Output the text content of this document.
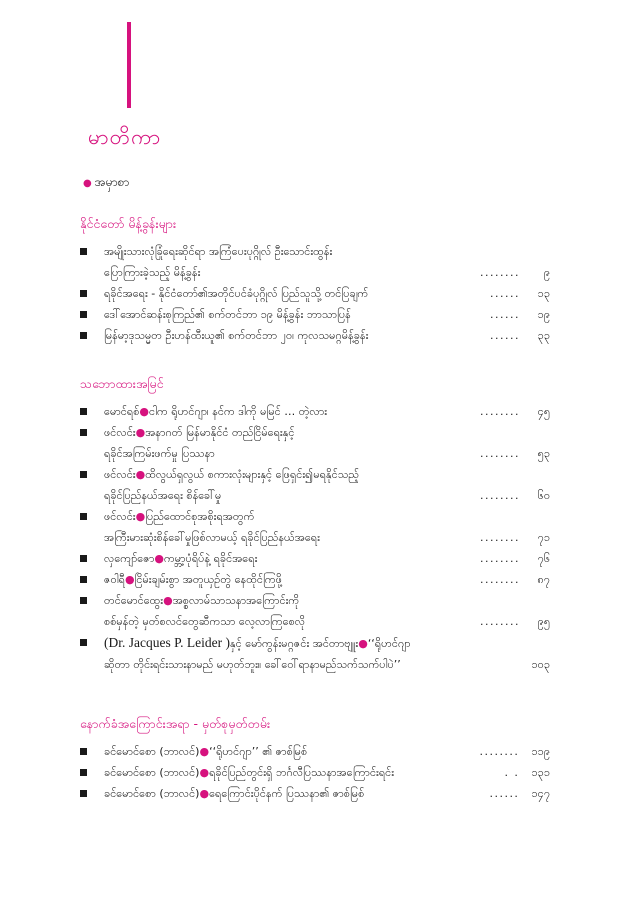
မာတိကာ
● အမှာစာ
နိုင်ငံတော် မိန့်ခွန်းများ
အမျိုးသားလုံခြုံရေးဆိုင်ရာ အကြံပေးပုဂ္ဂိုလ် ဦးသောင်းထွန်း
ပြောကြားခဲ့သည့် မိန့်ခွန်း	........	၉
ရခိုင်အရေး - နိုင်ငံတော်၏အတိုင်ပင်ခံပုဂ္ဂိုလ် ပြည်သူသို့ တင်ပြချက်	......	၁၃
ဒေါ်အောင်ဆန်းစုကြည်၏ စက်တင်ဘာ ၁၉ မိန့်ခွန်း ဘာသာပြန်	......	၁၉
မြန်မာ့ဒုသမ္မတ ဦးဟန်ထီးယူ၏ စက်တင်ဘာ ၂၀၊ ကုလသမဂ္ဂမိန့်ခွန်း	......	၃၃
သဘောထားအမြင်
မောင်ရစ် ● ငါက ရိုဟင်ဂျာ၊ နင်က ဒါကို မမြင် … တဲ့လား	........	၄၅
ဖင်လင်း ● အနာဂတ် မြန်မာနိုင်ငံ တည်ငြိမ်ရေးနှင့်
ရခိုင်အကြမ်းဖက်မှု ပြဿနာ	........	၅၃
ဖင်လင်း ● ထိလွယ်ရှလွယ် စကားလုံးများနှင့် ဖြေရှင်း၍မရနိုင်သည့်
ရခိုင်ပြည်နယ်အရေး စိန်ခေါ်မှု	........	၆၀
ဖင်လင်း ● ပြည်ထောင်စုအစိုးရအတွက်
အကြီးမားဆုံးစိန်ခေါ်မှုဖြစ်လာမယ့် ရခိုင်ပြည်နယ်အရေး	........	၇၁
လှကျော်ဇော ● ကမ္ဘာ့ပုံရိပ်နဲ့ ရခိုင်အရေး	........	၇၆
ဇဝါရီ ● ငြိမ်းချမ်းစွာ အတူယှဉ်တွဲ နေထိုင်ကြဖို့	........	၈၇
တင်မောင်ထွေး ● အစ္စလာမ်သာသနာအကြောင်းကို
စစ်မှန်တဲ့ မှတ်စလင်တွေဆီကသာ လေ့လာကြစေလို	........	၉၅
(Dr. Jacques P. Leider ) နှင့် မော်ကွန်းမဂ္ဂဇင်း အင်တာဗျူး ● ‘‘ရိုဟင်ဂျာ
ဆိုတာ တိုင်းရင်းသားနာမည် မဟုတ်ဘူး။ ခေါ်ဝေါ်ရာနာမည်သက်သက်ပါပဲ’’	၁၀၃
နောက်ခံအကြောင်းအရာ - မှတ်စုမှတ်တမ်း
ခင်မောင်စော (ဘာလင်) ● ‘‘ရိုဟင်ဂျာ’’ ၏ ဇာစ်မြစ်	........ ၁၁၉
ခင်မောင်စော (ဘာလင်) ● ရခိုင်ပြည်တွင်းရှိ ဘင်္ဂလီပြဿနာအကြောင်းရင်း	. . ၁၃၁
ခင်မောင်စော (ဘာလင်) ● ရေကြောင်းပိုင်နက် ပြဿနာ၏ ဇာစ်မြစ်	...... ၁၄၇
